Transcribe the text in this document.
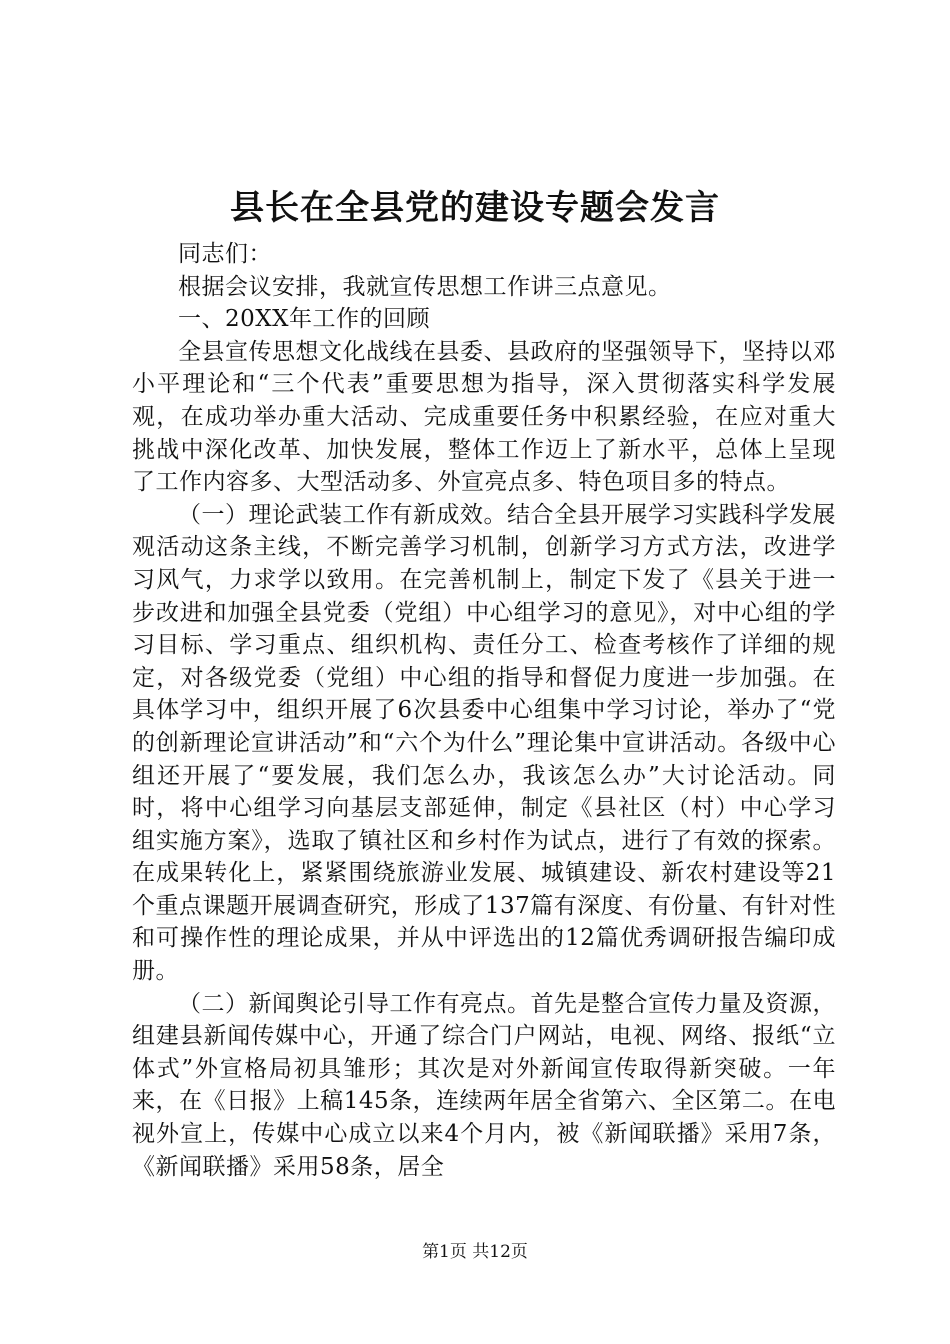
县长在全县党的建设专题会发言

同志们：

根据会议安排，我就宣传思想工作讲三点意见。

一、20XX年工作的回顾

全县宣传思想文化战线在县委、县政府的坚强领导下，坚持以邓小平理论和“三个代表”重要思想为指导，深入贯彻落实科学发展观，在成功举办重大活动、完成重要任务中积累经验，在应对重大挑战中深化改革、加快发展，整体工作迈上了新水平，总体上呈现了工作内容多、大型活动多、外宣亮点多、特色项目多的特点。

（一）理论武装工作有新成效。结合全县开展学习实践科学发展观活动这条主线，不断完善学习机制，创新学习方式方法，改进学习风气，力求学以致用。在完善机制上，制定下发了《县关于进一步改进和加强全县党委（党组）中心组学习的意见》，对中心组的学习目标、学习重点、组织机构、责任分工、检查考核作了详细的规定，对各级党委（党组）中心组的指导和督促力度进一步加强。在具体学习中，组织开展了6次县委中心组集中学习讨论，举办了“党的创新理论宣讲活动”和“六个为什么”理论集中宣讲活动。各级中心组还开展了“要发展，我们怎么办，我该怎么办”大讨论活动。同时，将中心组学习向基层支部延伸，制定《县社区（村）中心学习组实施方案》，选取了镇社区和乡村作为试点，进行了有效的探索。在成果转化上，紧紧围绕旅游业发展、城镇建设、新农村建设等21个重点课题开展调查研究，形成了137篇有深度、有份量、有针对性和可操作性的理论成果，并从中评选出的12篇优秀调研报告编印成册。

（二）新闻舆论引导工作有亮点。首先是整合宣传力量及资源，组建县新闻传媒中心，开通了综合门户网站，电视、网络、报纸“立体式”外宣格局初具雏形；其次是对外新闻宣传取得新突破。一年来，在《日报》上稿145条，连续两年居全省第六、全区第二。在电视外宣上，传媒中心成立以来4个月内，被《新闻联播》采用7条，《新闻联播》采用58条，居全

第1页 共12页
